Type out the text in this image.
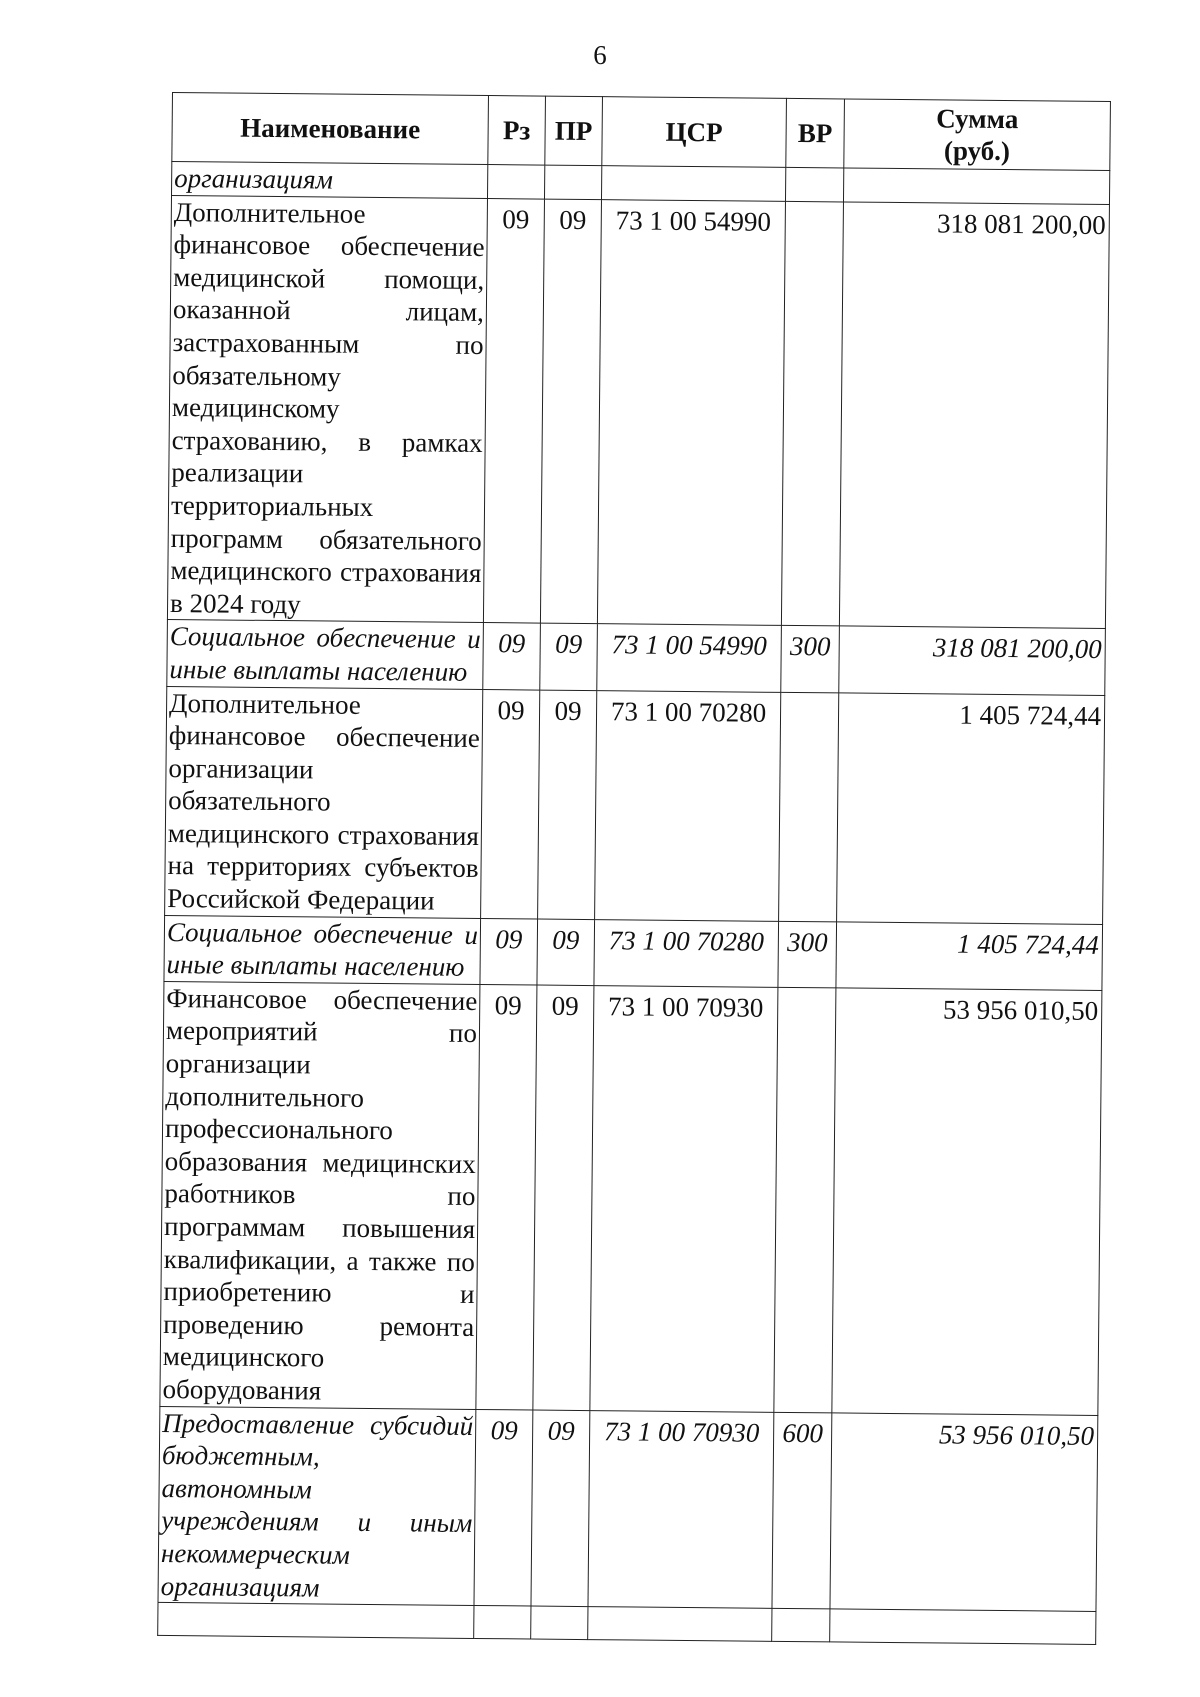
6
Наименование	Рз	ПР	ЦСР	ВР	Сумма
(руб.)
организациям					
Дополнительное финансовое обеспечение медицинской помощи, оказанной лицам, застрахованным по обязательному медицинскому страхованию, в рамках реализации территориальных программ обязательного медицинского страхования в 2024 году	09	09	73 1 00 54990		318 081 200,00
Социальное обеспечение и иные выплаты населению	09	09	73 1 00 54990	300	318 081 200,00
Дополнительное финансовое обеспечение организации обязательного медицинского страхования на территориях субъектов Российской Федерации	09	09	73 1 00 70280		1 405 724,44
Социальное обеспечение и иные выплаты населению	09	09	73 1 00 70280	300	1 405 724,44
Финансовое обеспечение мероприятий по организации дополнительного профессионального образования медицинских работников по программам повышения квалификации, а также по приобретению и проведению ремонта медицинского оборудования	09	09	73 1 00 70930		53 956 010,50
Предоставление субсидий бюджетным, автономным учреждениям и иным некоммерческим организациям	09	09	73 1 00 70930	600	53 956 010,50
